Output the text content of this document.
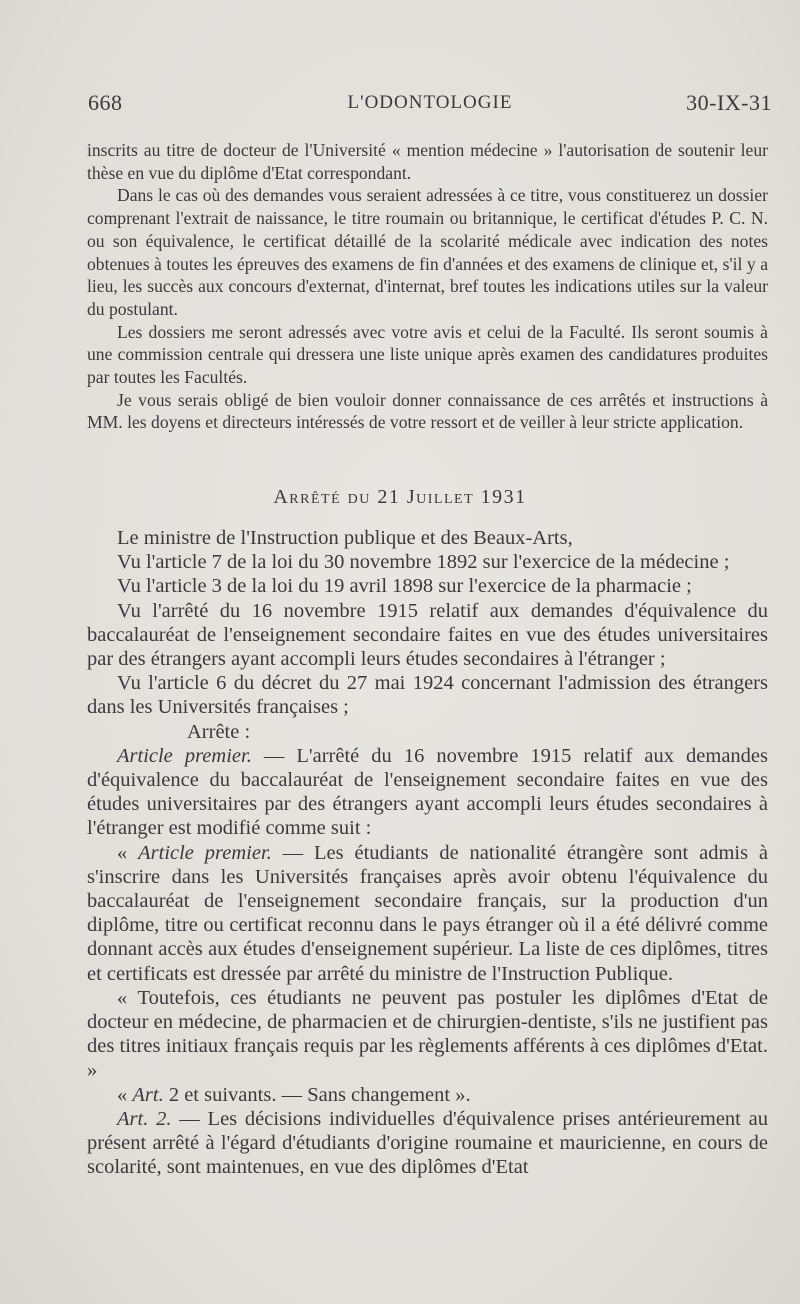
668	L'ODONTOLOGIE	30-IX-31

inscrits au titre de docteur de l'Université « mention médecine » l'autorisation de soutenir leur thèse en vue du diplôme d'Etat correspondant.

Dans le cas où des demandes vous seraient adressées à ce titre, vous constituerez un dossier comprenant l'extrait de naissance, le titre roumain ou britannique, le certificat d'études P. C. N. ou son équivalence, le certificat détaillé de la scolarité médicale avec indication des notes obtenues à toutes les épreuves des examens de fin d'années et des examens de clinique et, s'il y a lieu, les succès aux concours d'externat, d'internat, bref toutes les indications utiles sur la valeur du postulant.

Les dossiers me seront adressés avec votre avis et celui de la Faculté. Ils seront soumis à une commission centrale qui dressera une liste unique après examen des candidatures produites par toutes les Facultés.

Je vous serais obligé de bien vouloir donner connaissance de ces arrêtés et instructions à MM. les doyens et directeurs intéressés de votre ressort et de veiller à leur stricte application.

Arrêté du 21 Juillet 1931

Le ministre de l'Instruction publique et des Beaux-Arts,

Vu l'article 7 de la loi du 30 novembre 1892 sur l'exercice de la médecine ;

Vu l'article 3 de la loi du 19 avril 1898 sur l'exercice de la pharmacie ;

Vu l'arrêté du 16 novembre 1915 relatif aux demandes d'équivalence du baccalauréat de l'enseignement secondaire faites en vue des études universitaires par des étrangers ayant accompli leurs études secondaires à l'étranger ;

Vu l'article 6 du décret du 27 mai 1924 concernant l'admission des étrangers dans les Universités françaises ;

Arrête :

Article premier. — L'arrêté du 16 novembre 1915 relatif aux demandes d'équivalence du baccalauréat de l'enseignement secondaire faites en vue des études universitaires par des étrangers ayant accompli leurs études secondaires à l'étranger est modifié comme suit :

« Article premier. — Les étudiants de nationalité étrangère sont admis à s'inscrire dans les Universités françaises après avoir obtenu l'équivalence du baccalauréat de l'enseignement secondaire français, sur la production d'un diplôme, titre ou certificat reconnu dans le pays étranger où il a été délivré comme donnant accès aux études d'enseignement supérieur. La liste de ces diplômes, titres et certificats est dressée par arrêté du ministre de l'Instruction Publique.

« Toutefois, ces étudiants ne peuvent pas postuler les diplômes d'Etat de docteur en médecine, de pharmacien et de chirurgien-dentiste, s'ils ne justifient pas des titres initiaux français requis par les règlements afférents à ces diplômes d'Etat. »

« Art. 2 et suivants. — Sans changement ».

Art. 2. — Les décisions individuelles d'équivalence prises antérieurement au présent arrêté à l'égard d'étudiants d'origine roumaine et mauricienne, en cours de scolarité, sont maintenues, en vue des diplômes d'Etat
